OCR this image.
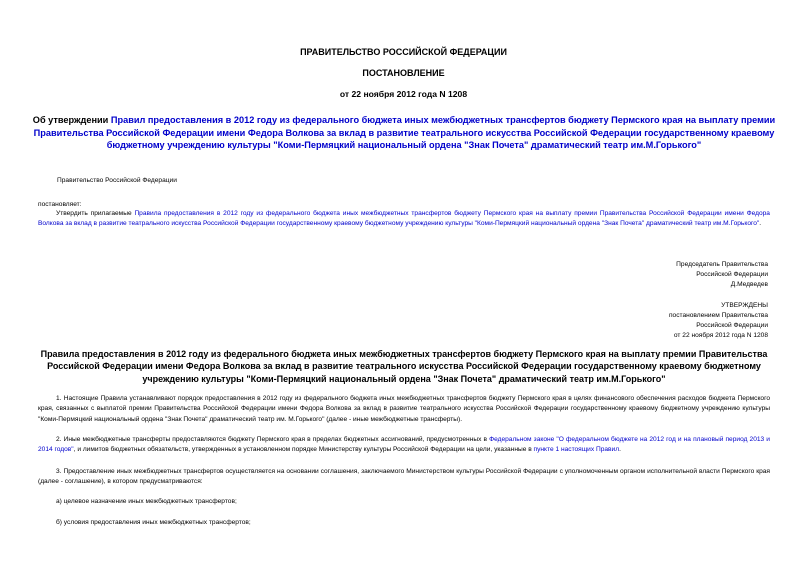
ПРАВИТЕЛЬСТВО РОССИЙСКОЙ ФЕДЕРАЦИИ
ПОСТАНОВЛЕНИЕ
от 22 ноября 2012 года N 1208
Об утверждении Правил предоставления в 2012 году из федерального бюджета иных межбюджетных трансфертов бюджету Пермского края на выплату премии Правительства Российской Федерации имени Федора Волкова за вклад в развитие театрального искусства Российской Федерации государственному краевому бюджетному учреждению культуры "Коми-Пермяцкий национальный ордена "Знак Почета" драматический театр им.М.Горького"
Правительство Российской Федерации
постановляет:
Утвердить прилагаемые Правила предоставления в 2012 году из федерального бюджета иных межбюджетных трансфертов бюджету Пермского края на выплату премии Правительства Российской Федерации имени Федора Волкова за вклад в развитие театрального искусства Российской Федерации государственному краевому бюджетному учреждению культуры "Коми-Пермяцкий национальный ордена "Знак Почета" драматический театр им.М.Горького".
Председатель Правительства
Российской Федерации
Д.Медведев
УТВЕРЖДЕНЫ
постановлением Правительства
Российской Федерации
от 22 ноября 2012 года N 1208
Правила предоставления в 2012 году из федерального бюджета иных межбюджетных трансфертов бюджету Пермского края на выплату премии Правительства Российской Федерации имени Федора Волкова за вклад в развитие театрального искусства Российской Федерации государственному краевому бюджетному учреждению культуры "Коми-Пермяцкий национальный ордена "Знак Почета" драматический театр им.М.Горького"
1. Настоящие Правила устанавливают порядок предоставления в 2012 году из федерального бюджета иных межбюджетных трансфертов бюджету Пермского края в целях финансового обеспечения расходов бюджета Пермского края, связанных с выплатой премии Правительства Российской Федерации имени Федора Волкова за вклад в развитие театрального искусства Российской Федерации государственному краевому бюджетному учреждению культуры "Коми-Пермяцкий национальный ордена "Знак Почета" драматический театр им. М.Горького" (далее - иные межбюджетные трансферты).
2. Иные межбюджетные трансферты предоставляются бюджету Пермского края в пределах бюджетных ассигнований, предусмотренных в Федеральном законе "О федеральном бюджете на 2012 год и на плановый период 2013 и 2014 годов", и лимитов бюджетных обязательств, утвержденных в установленном порядке Министерству культуры Российской Федерации на цели, указанные в пункте 1 настоящих Правил.
3. Предоставление иных межбюджетных трансфертов осуществляется на основании соглашения, заключаемого Министерством культуры Российской Федерации с уполномоченным органом исполнительной власти Пермского края (далее - соглашение), в котором предусматриваются:
а) целевое назначение иных межбюджетных трансфертов;
б) условия предоставления иных межбюджетных трансфертов;
